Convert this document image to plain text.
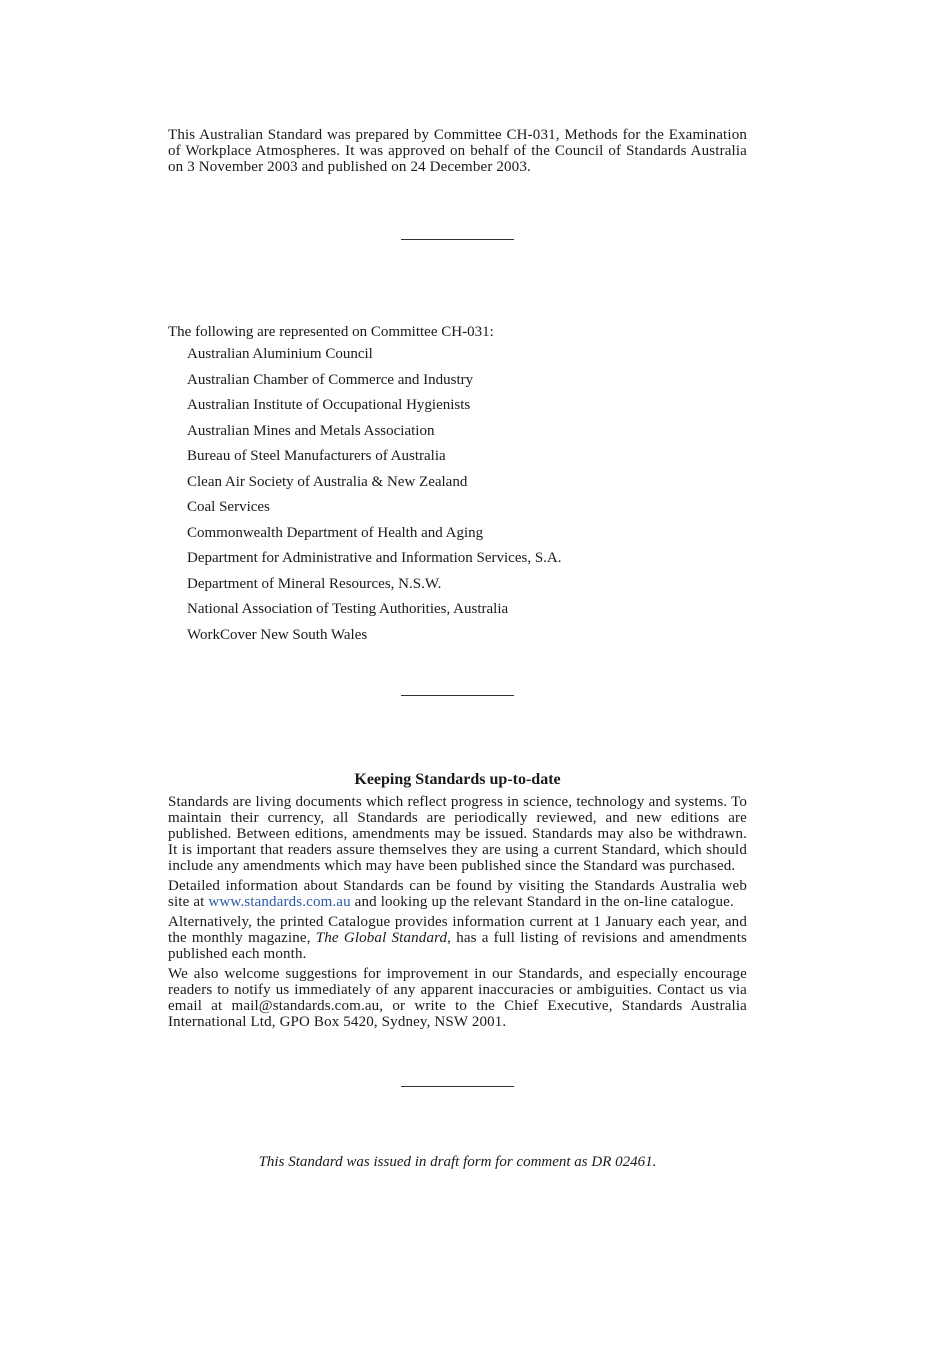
This Australian Standard was prepared by Committee CH-031, Methods for the Examination of Workplace Atmospheres. It was approved on behalf of the Council of Standards Australia on 3 November 2003 and published on 24 December 2003.

The following are represented on Committee CH-031:

Australian Aluminium Council
Australian Chamber of Commerce and Industry
Australian Institute of Occupational Hygienists
Australian Mines and Metals Association
Bureau of Steel Manufacturers of Australia
Clean Air Society of Australia & New Zealand
Coal Services
Commonwealth Department of Health and Aging
Department for Administrative and Information Services, S.A.
Department of Mineral Resources, N.S.W.
National Association of Testing Authorities, Australia
WorkCover New South Wales
Keeping Standards up-to-date

Standards are living documents which reflect progress in science, technology and systems. To maintain their currency, all Standards are periodically reviewed, and new editions are published. Between editions, amendments may be issued. Standards may also be withdrawn. It is important that readers assure themselves they are using a current Standard, which should include any amendments which may have been published since the Standard was purchased.

Detailed information about Standards can be found by visiting the Standards Australia web site at www.standards.com.au and looking up the relevant Standard in the on-line catalogue.

Alternatively, the printed Catalogue provides information current at 1 January each year, and the monthly magazine, The Global Standard, has a full listing of revisions and amendments published each month.

We also welcome suggestions for improvement in our Standards, and especially encourage readers to notify us immediately of any apparent inaccuracies or ambiguities. Contact us via email at mail@standards.com.au, or write to the Chief Executive, Standards Australia International Ltd, GPO Box 5420, Sydney, NSW 2001.

This Standard was issued in draft form for comment as DR 02461.
